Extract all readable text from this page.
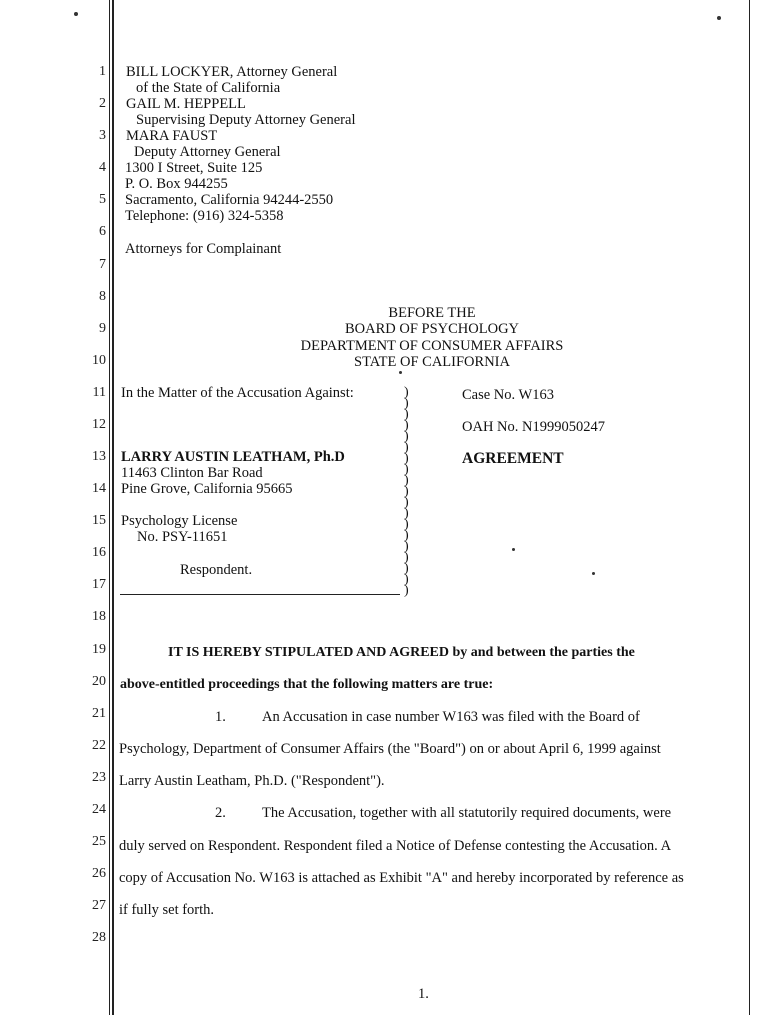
1
2
3
4
5
6
7
8
9
10
11
12
13
14
15
16
17
18
19
20
21
22
23
24
25
26
27
28
BILL LOCKYER, Attorney General
of the State of California
GAIL M. HEPPELL
Supervising Deputy Attorney General
MARA FAUST
Deputy Attorney General
1300 I Street, Suite 125
P. O. Box 944255
Sacramento, California 94244-2550
Telephone: (916) 324-5358
Attorneys for Complainant
BEFORE THE
BOARD OF PSYCHOLOGY
DEPARTMENT OF CONSUMER AFFAIRS
STATE OF CALIFORNIA
In the Matter of the Accusation Against:
LARRY AUSTIN LEATHAM, Ph.D
11463 Clinton Bar Road
Pine Grove, California 95665
Psychology License
No. PSY-11651
Respondent.
)
)
)
)
)
)
)
)
)
)
)
)
)
)
)
)
)
)
)
Case No. W163
OAH No. N1999050247
AGREEMENT
IT IS HEREBY STIPULATED AND AGREED by and between the parties the
above-entitled proceedings that the following matters are true:
1. An Accusation in case number W163 was filed with the Board of
Psychology, Department of Consumer Affairs (the "Board") on or about April 6, 1999 against
Larry Austin Leatham, Ph.D. ("Respondent").
2. The Accusation, together with all statutorily required documents, were
duly served on Respondent. Respondent filed a Notice of Defense contesting the Accusation. A
copy of Accusation No. W163 is attached as Exhibit "A" and hereby incorporated by reference as
if fully set forth.
1.
